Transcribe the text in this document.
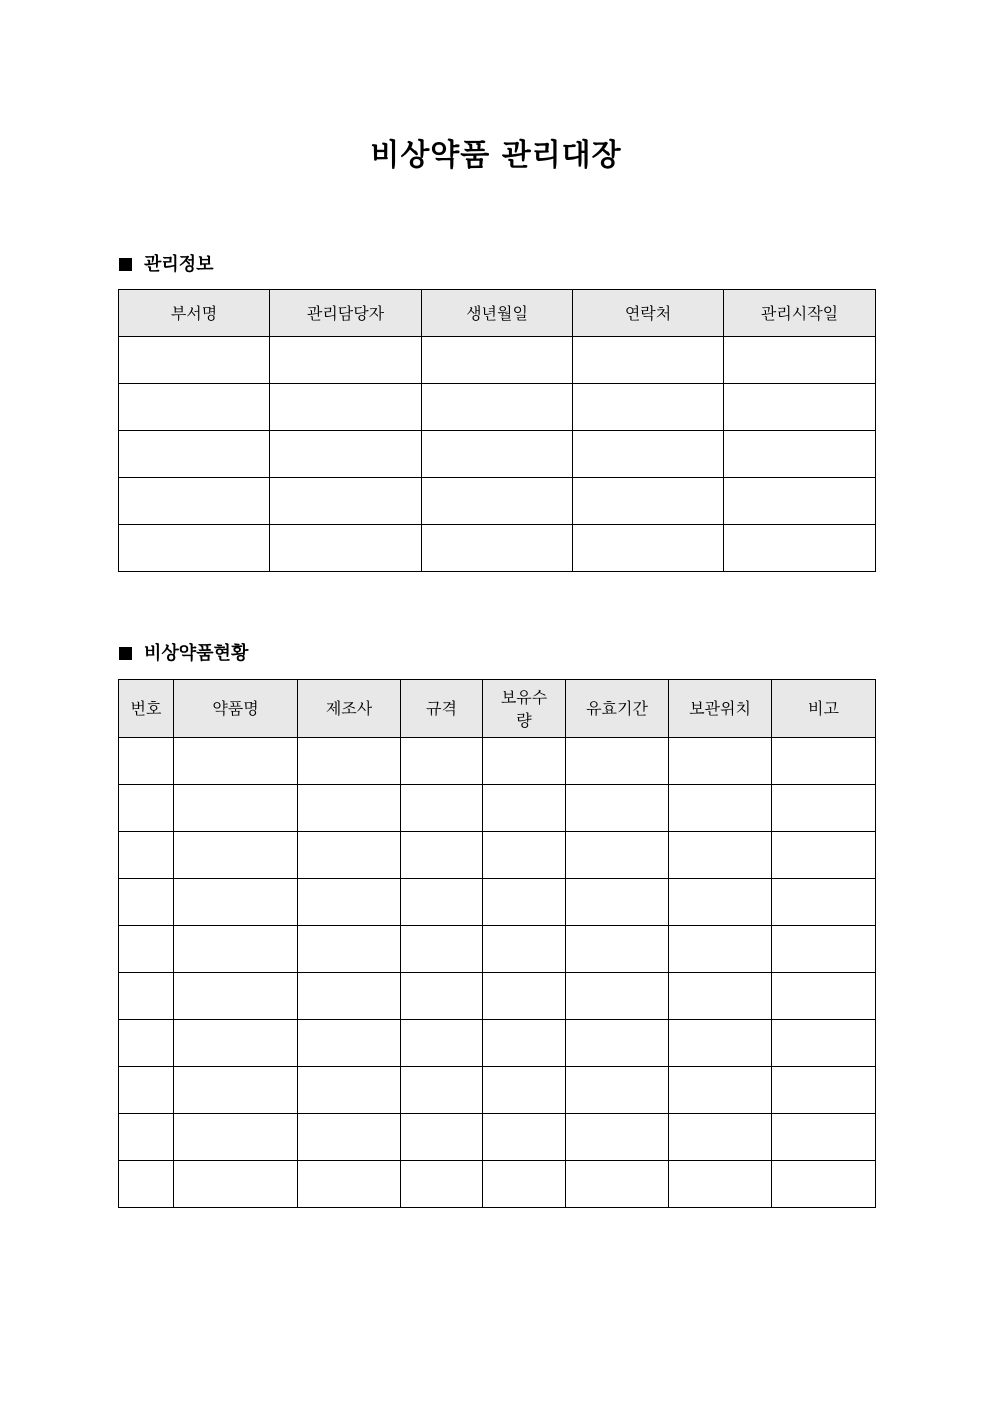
비상약품 관리대장
관리정보
부서명	관리담당자	생년월일	연락처	관리시작일

비상약품현황
번호	약품명	제조사	규격	보유수량	유효기간	보관위치	비고
